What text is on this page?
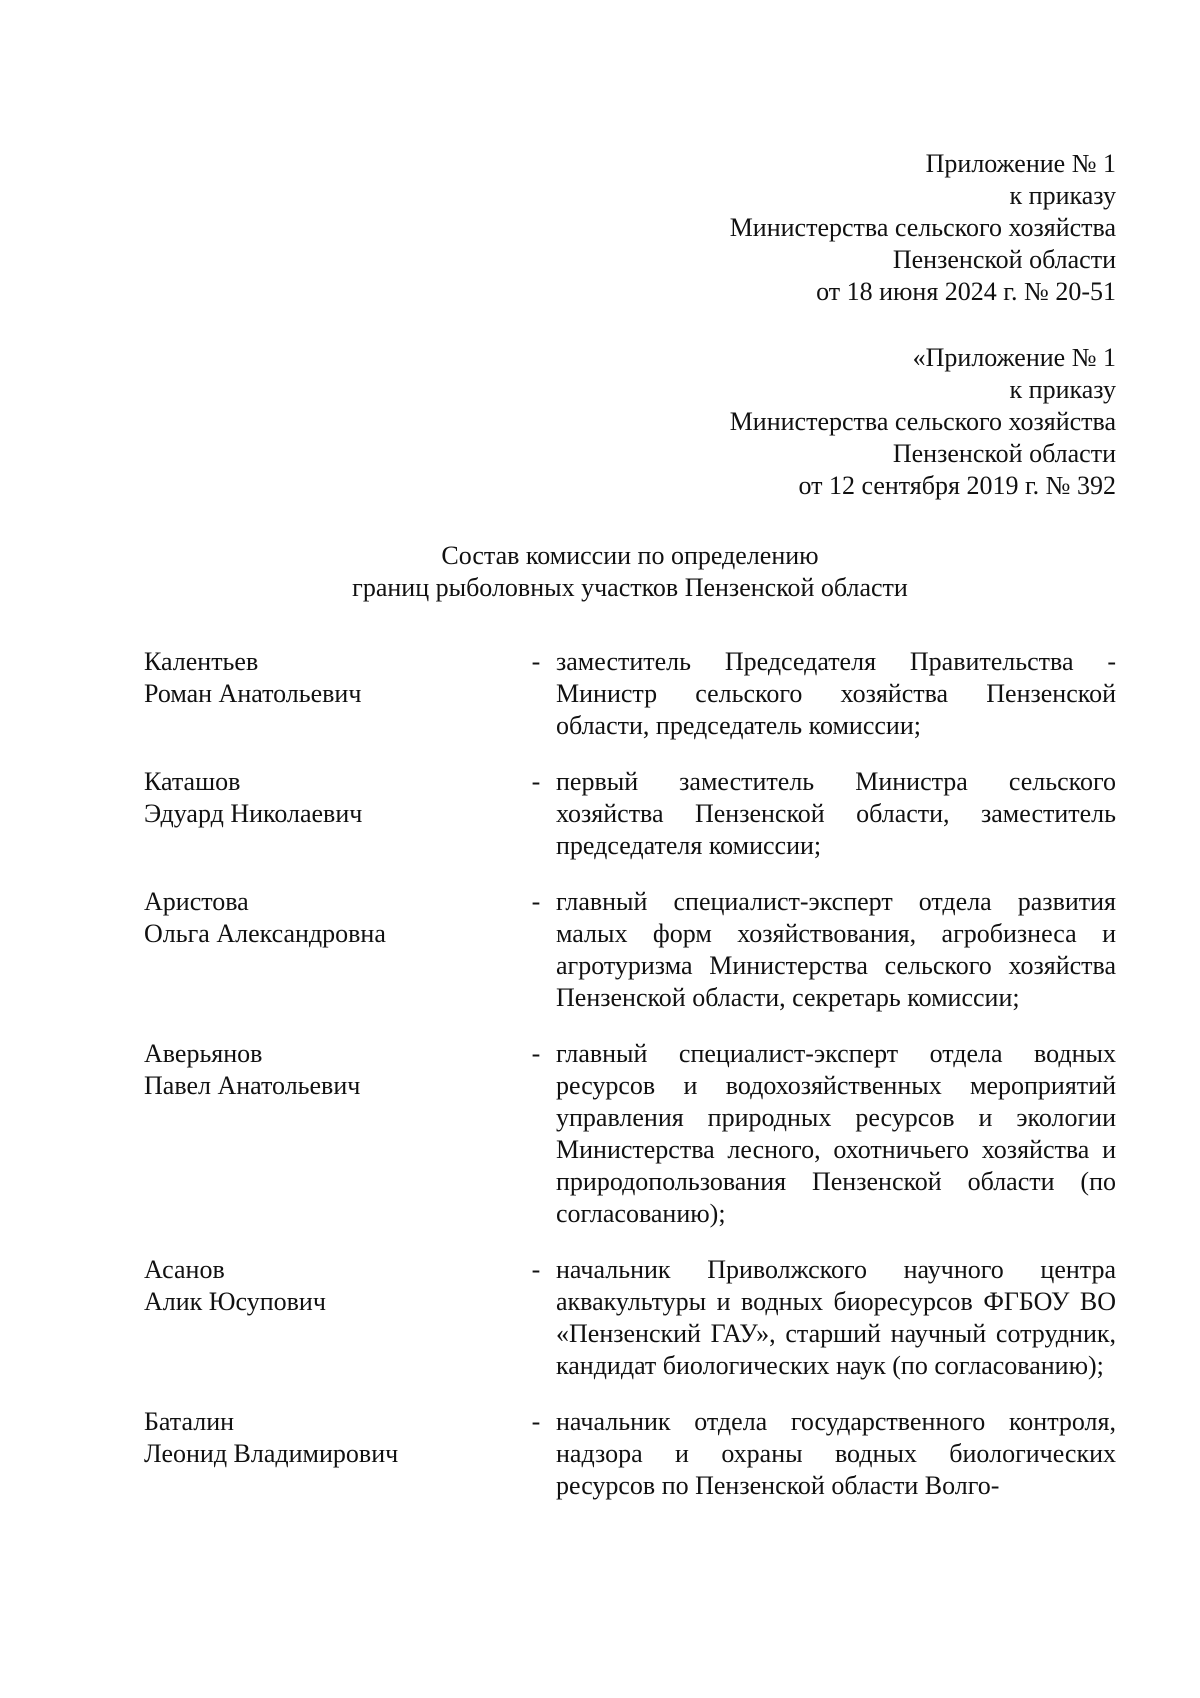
Приложение № 1
к приказу
Министерства сельского хозяйства
Пензенской области
от 18 июня 2024 г. № 20-51
«Приложение № 1
к приказу
Министерства сельского хозяйства
Пензенской области
от 12 сентября 2019 г. № 392
Состав комиссии по определению
границ рыболовных участков Пензенской области
Калентьев
Роман Анатольевич
- заместитель Председателя Правительства - Министр сельского хозяйства Пензенской области, председатель комиссии;
Каташов
Эдуард Николаевич
- первый заместитель Министра сельского хозяйства Пензенской области, заместитель председателя комиссии;
Аристова
Ольга Александровна
- главный специалист-эксперт отдела развития малых форм хозяйствования, агробизнеса и агротуризма Министерства сельского хозяйства Пензенской области, секретарь комиссии;
Аверьянов
Павел Анатольевич
- главный специалист-эксперт отдела водных ресурсов и водохозяйственных мероприятий управления природных ресурсов и экологии Министерства лесного, охотничьего хозяйства и природопользования Пензенской области (по согласованию);
Асанов
Алик Юсупович
- начальник Приволжского научного центра аквакультуры и водных биоресурсов ФГБОУ ВО «Пензенский ГАУ», старший научный сотрудник, кандидат биологических наук (по согласованию);
Баталин
Леонид Владимирович
- начальник отдела государственного контроля, надзора и охраны водных биологических ресурсов по Пензенской области Волго-
